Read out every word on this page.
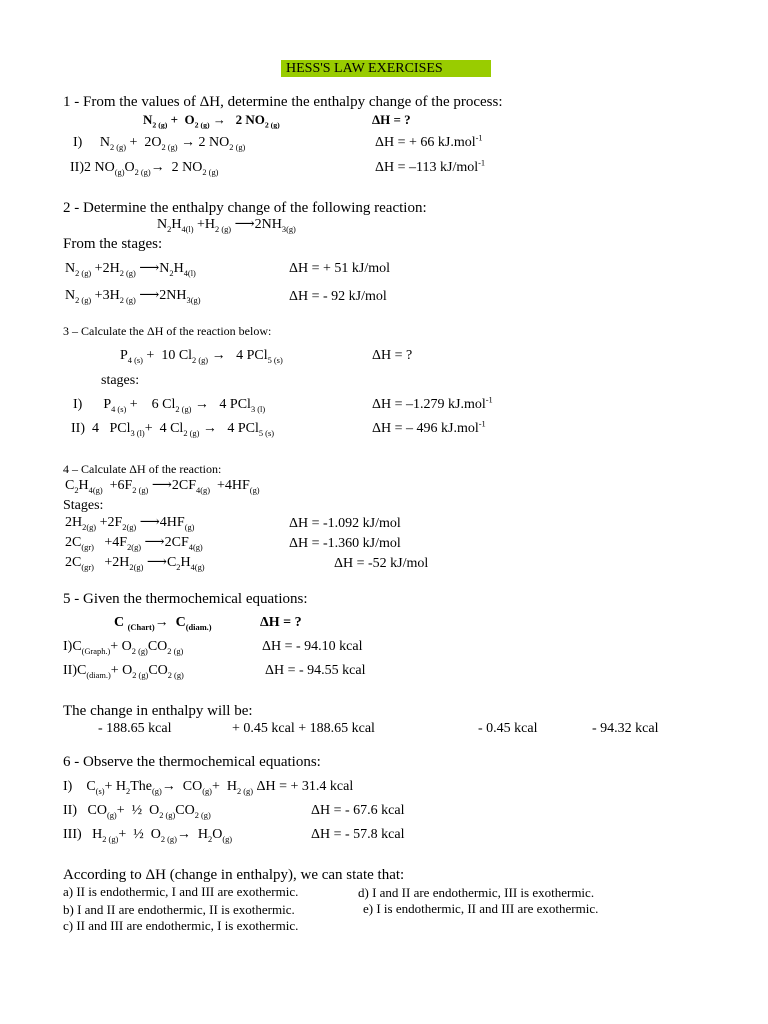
HESS'S LAW EXERCISES
1 - From the values of ΔH, determine the enthalpy change of the process:
$N_{2 (g)} + O_{2 (g)} \to 2$ $NO_{2 (g)}$	ΔH = ?
I)     $N_{2 (g)} + 2O_{2 (g)} \to 2$ $NO_{2 (g)}$	ΔH = + 66 kJ.mol$^{-1}$
II)2 $NO_{(g)}O_{2 (g)}\to 2$ $NO_{2 (g)}$	ΔH = –113 kJ/mol$^{-1}$
2 - Determine the enthalpy change of the following reaction:
$N_2H_{4(l)} +H_{2 (g)}$ $⟶2NH_{3(g)}$
From the stages:
$N_{2 (g)} +2H_{2 (g)}$ $⟶N_2H_{4(l)}$	ΔH = + 51 kJ/mol
$N_{2 (g)} +3H_{2 (g)}$ $⟶2NH_{3(g)}$	ΔH = - 92 kJ/mol
3 – Calculate the ΔH of the reaction below:
$P_{4 (s)} + 10$ $Cl_{2 (g)} \to 4$ PCl$_{5 (s)}$	ΔH = ?
stages:
I)      $P_{4 (s)}$ +    6 $Cl_{2 (g)} \to 4$ PCl$_{3 (l)}$	ΔH = –1.279 kJ.mol$^{-1}$
II)  4   PCl$_{3 (l)}$+  4 $Cl_{2 (g)} \to 4$ PCl$_{5 (s)}$	ΔH = – 496 kJ.mol$^{-1}$
4 – Calculate ΔH of the reaction:
$C_2H_{4(g)} +6F_{2 (g)}$ $⟶2CF_{4(g)} +4HF_{(g)}$
Stages:
$2H_{2(g)} +2F_{2(g)}$ $⟶4HF_{(g)}$	ΔH = -1.092 kJ/mol
$2C_{(gr)} +4F_{2(g)}$ $⟶2CF_{4(g)}$	ΔH = -1.360 kJ/mol
$2C_{(gr)} +2H_{2(g)}$ $⟶C_2H_{4(g)}$	ΔH = -52 kJ/mol
5 - Given the thermochemical equations:
C $_{(Chart)}\to C_{(diam.)}$	ΔH = ?
$I)C_{(Graph.)}+ O_{2 (g)}CO_{2 (g)}$	ΔH = - 94.10 kcal
$II)C_{(diam.)}+ O_{2 (g)}CO_{2 (g)}$	ΔH = - 94.55 kcal
The change in enthalpy will be:
- 188.65 kcal	+ 0.45 kcal + 188.65 kcal	- 0.45 kcal	- 94.32 kcal
6 - Observe the thermochemical equations:
I)    $C_{(s)}+ H_2The_{(g)}\to CO_{(g)}+ H_{2 (g)}$ ΔH = + 31.4 kcal
II)   $CO_{(g)}+$  ½  $O_{2 (g)}CO_{2 (g)}$	ΔH = - 67.6 kcal
III)   $H_{2 (g)}+$  ½  $O_{2 (g)}\to H_2O_{(g)}$	ΔH = - 57.8 kcal
According to ΔH (change in enthalpy), we can state that:
a) II is endothermic, I and III are exothermic.	d) I and II are endothermic, III is exothermic.
b) I and II are endothermic, II is exothermic.	e) I is endothermic, II and III are exothermic.
c) II and III are endothermic, I is exothermic.
